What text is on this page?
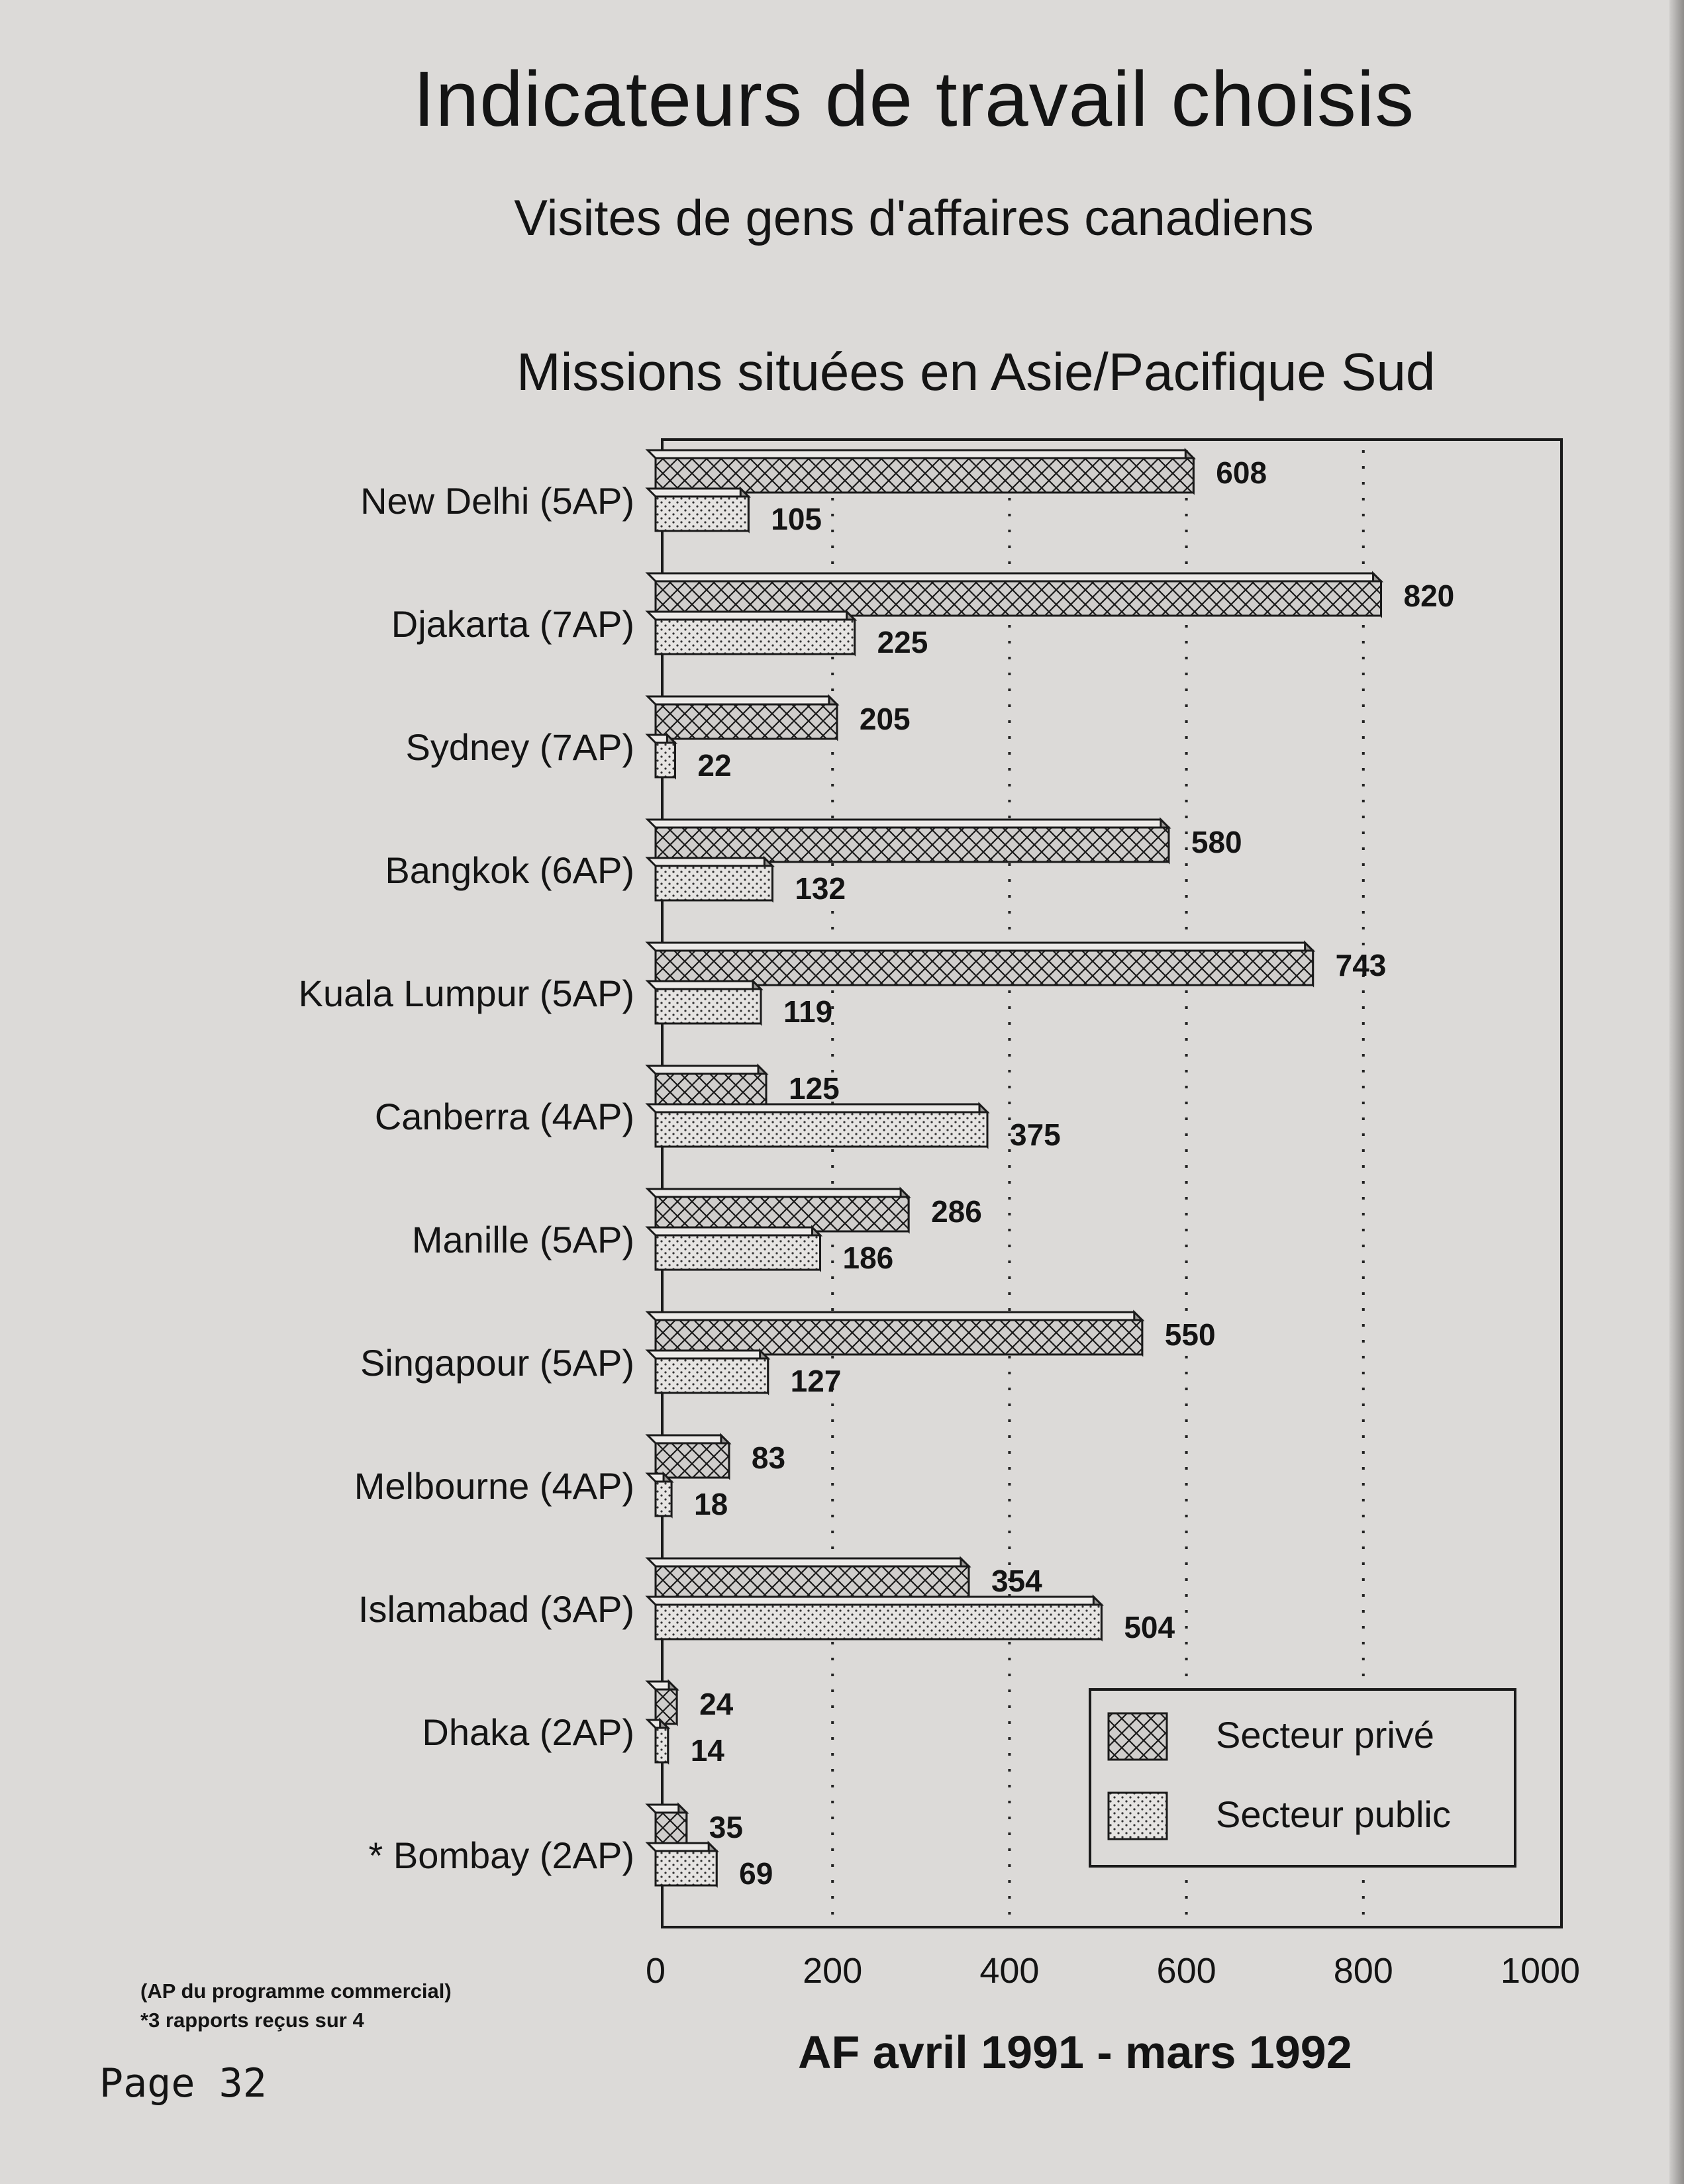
Indicateurs de travail choisis
Visites de gens d'affaires canadiens
Missions situées en Asie/Pacifique Sud
New Delhi (5AP)
608
105
Djakarta (7AP)
820
225
Sydney (7AP)
205
22
Bangkok (6AP)
580
132
Kuala Lumpur (5AP)
743
119
Canberra (4AP)
125
375
Manille (5AP)
286
186
Singapour (5AP)
550
127
Melbourne (4AP)
83
18
Islamabad (3AP)
354
504
Dhaka (2AP)
24
14
* Bombay (2AP)
35
69
0	200	400	600	800	1000
Secteur privé
Secteur public
(AP du programme commercial)
*3 rapports reçus sur 4
Page 32
AF avril 1991 - mars 1992
